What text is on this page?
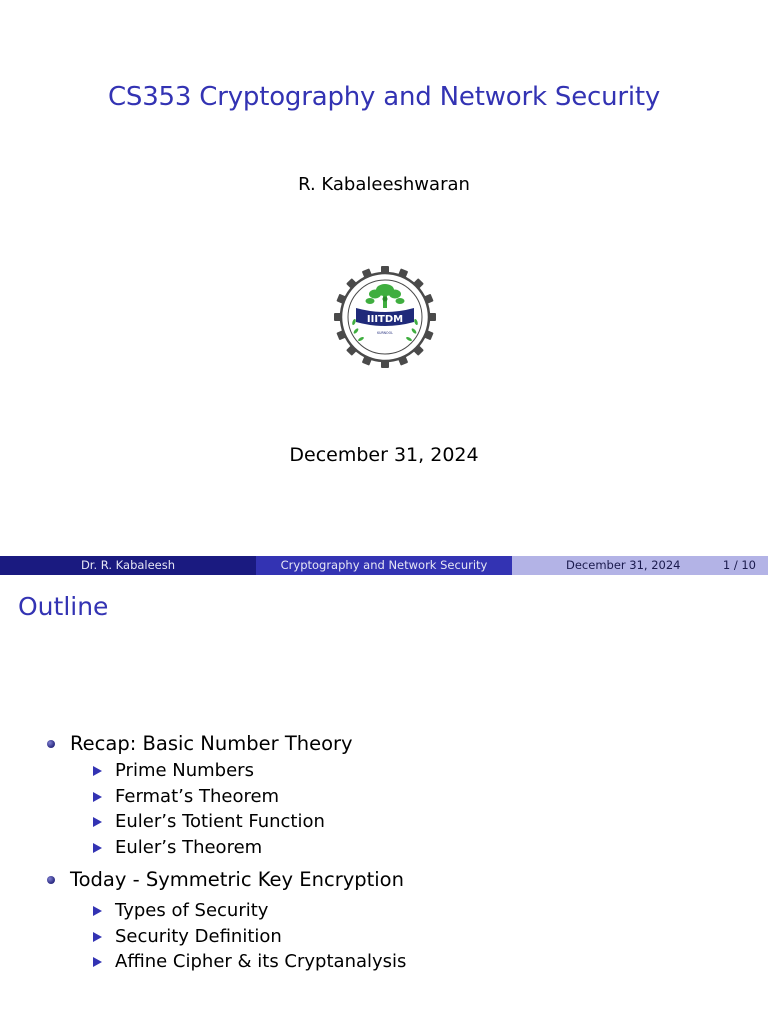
CS353 Cryptography and Network Security
R. Kabaleeshwaran
IIITDM
KURNOOL
December 31, 2024
Dr. R. Kabaleesh	Cryptography and Network Security	December 31, 2024	1 / 10
Outline
Recap: Basic Number Theory
Prime Numbers
Fermat’s Theorem
Euler’s Totient Function
Euler’s Theorem
Today - Symmetric Key Encryption
Types of Security
Security Definition
Affine Cipher & its Cryptanalysis
